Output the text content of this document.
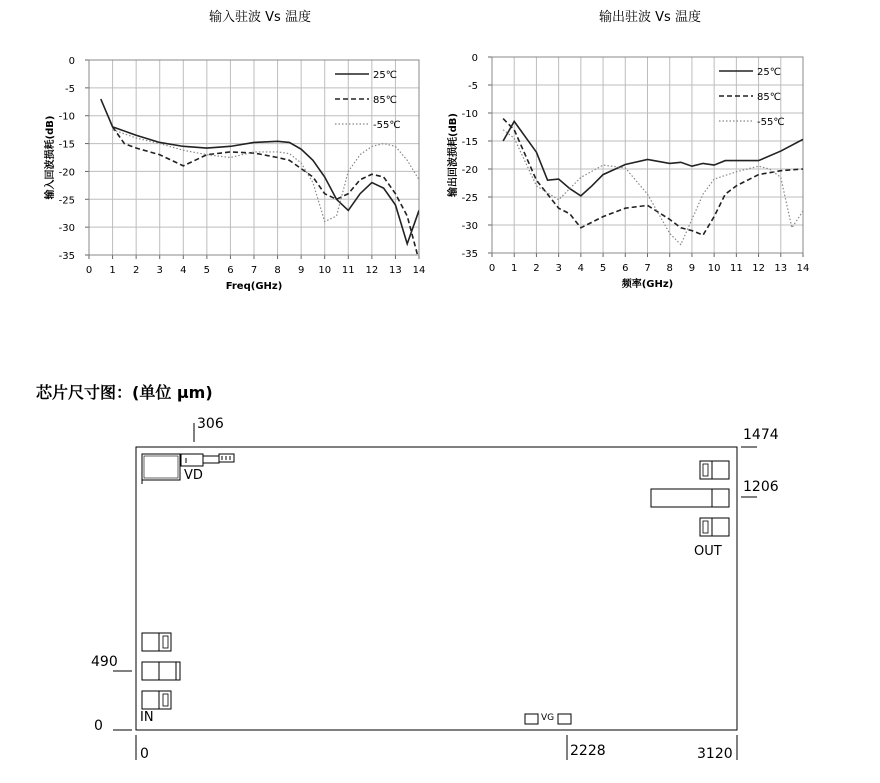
输入驻波 Vs 温度	输出驻波 Vs 温度
0 1 2 3 4 5 6 7 8 9 10 11 12 13 14
0
-5
-10
-15
-20
-25
-30
-35
Freq(GHz)
输入回波损耗(dB)
25℃
85℃
-55℃
0 1 2 3 4 5 6 7 8 9 10 11 12 13 14
0
-5
-10
-15
-20
-25
-30
-35
频率(GHz)
输出回波损耗(dB)
25℃
85℃
-55℃
芯片尺寸图：(单位 μm)
306
1474
1206
490
0
0	2228	3120
VD
OUT
IN	VG
